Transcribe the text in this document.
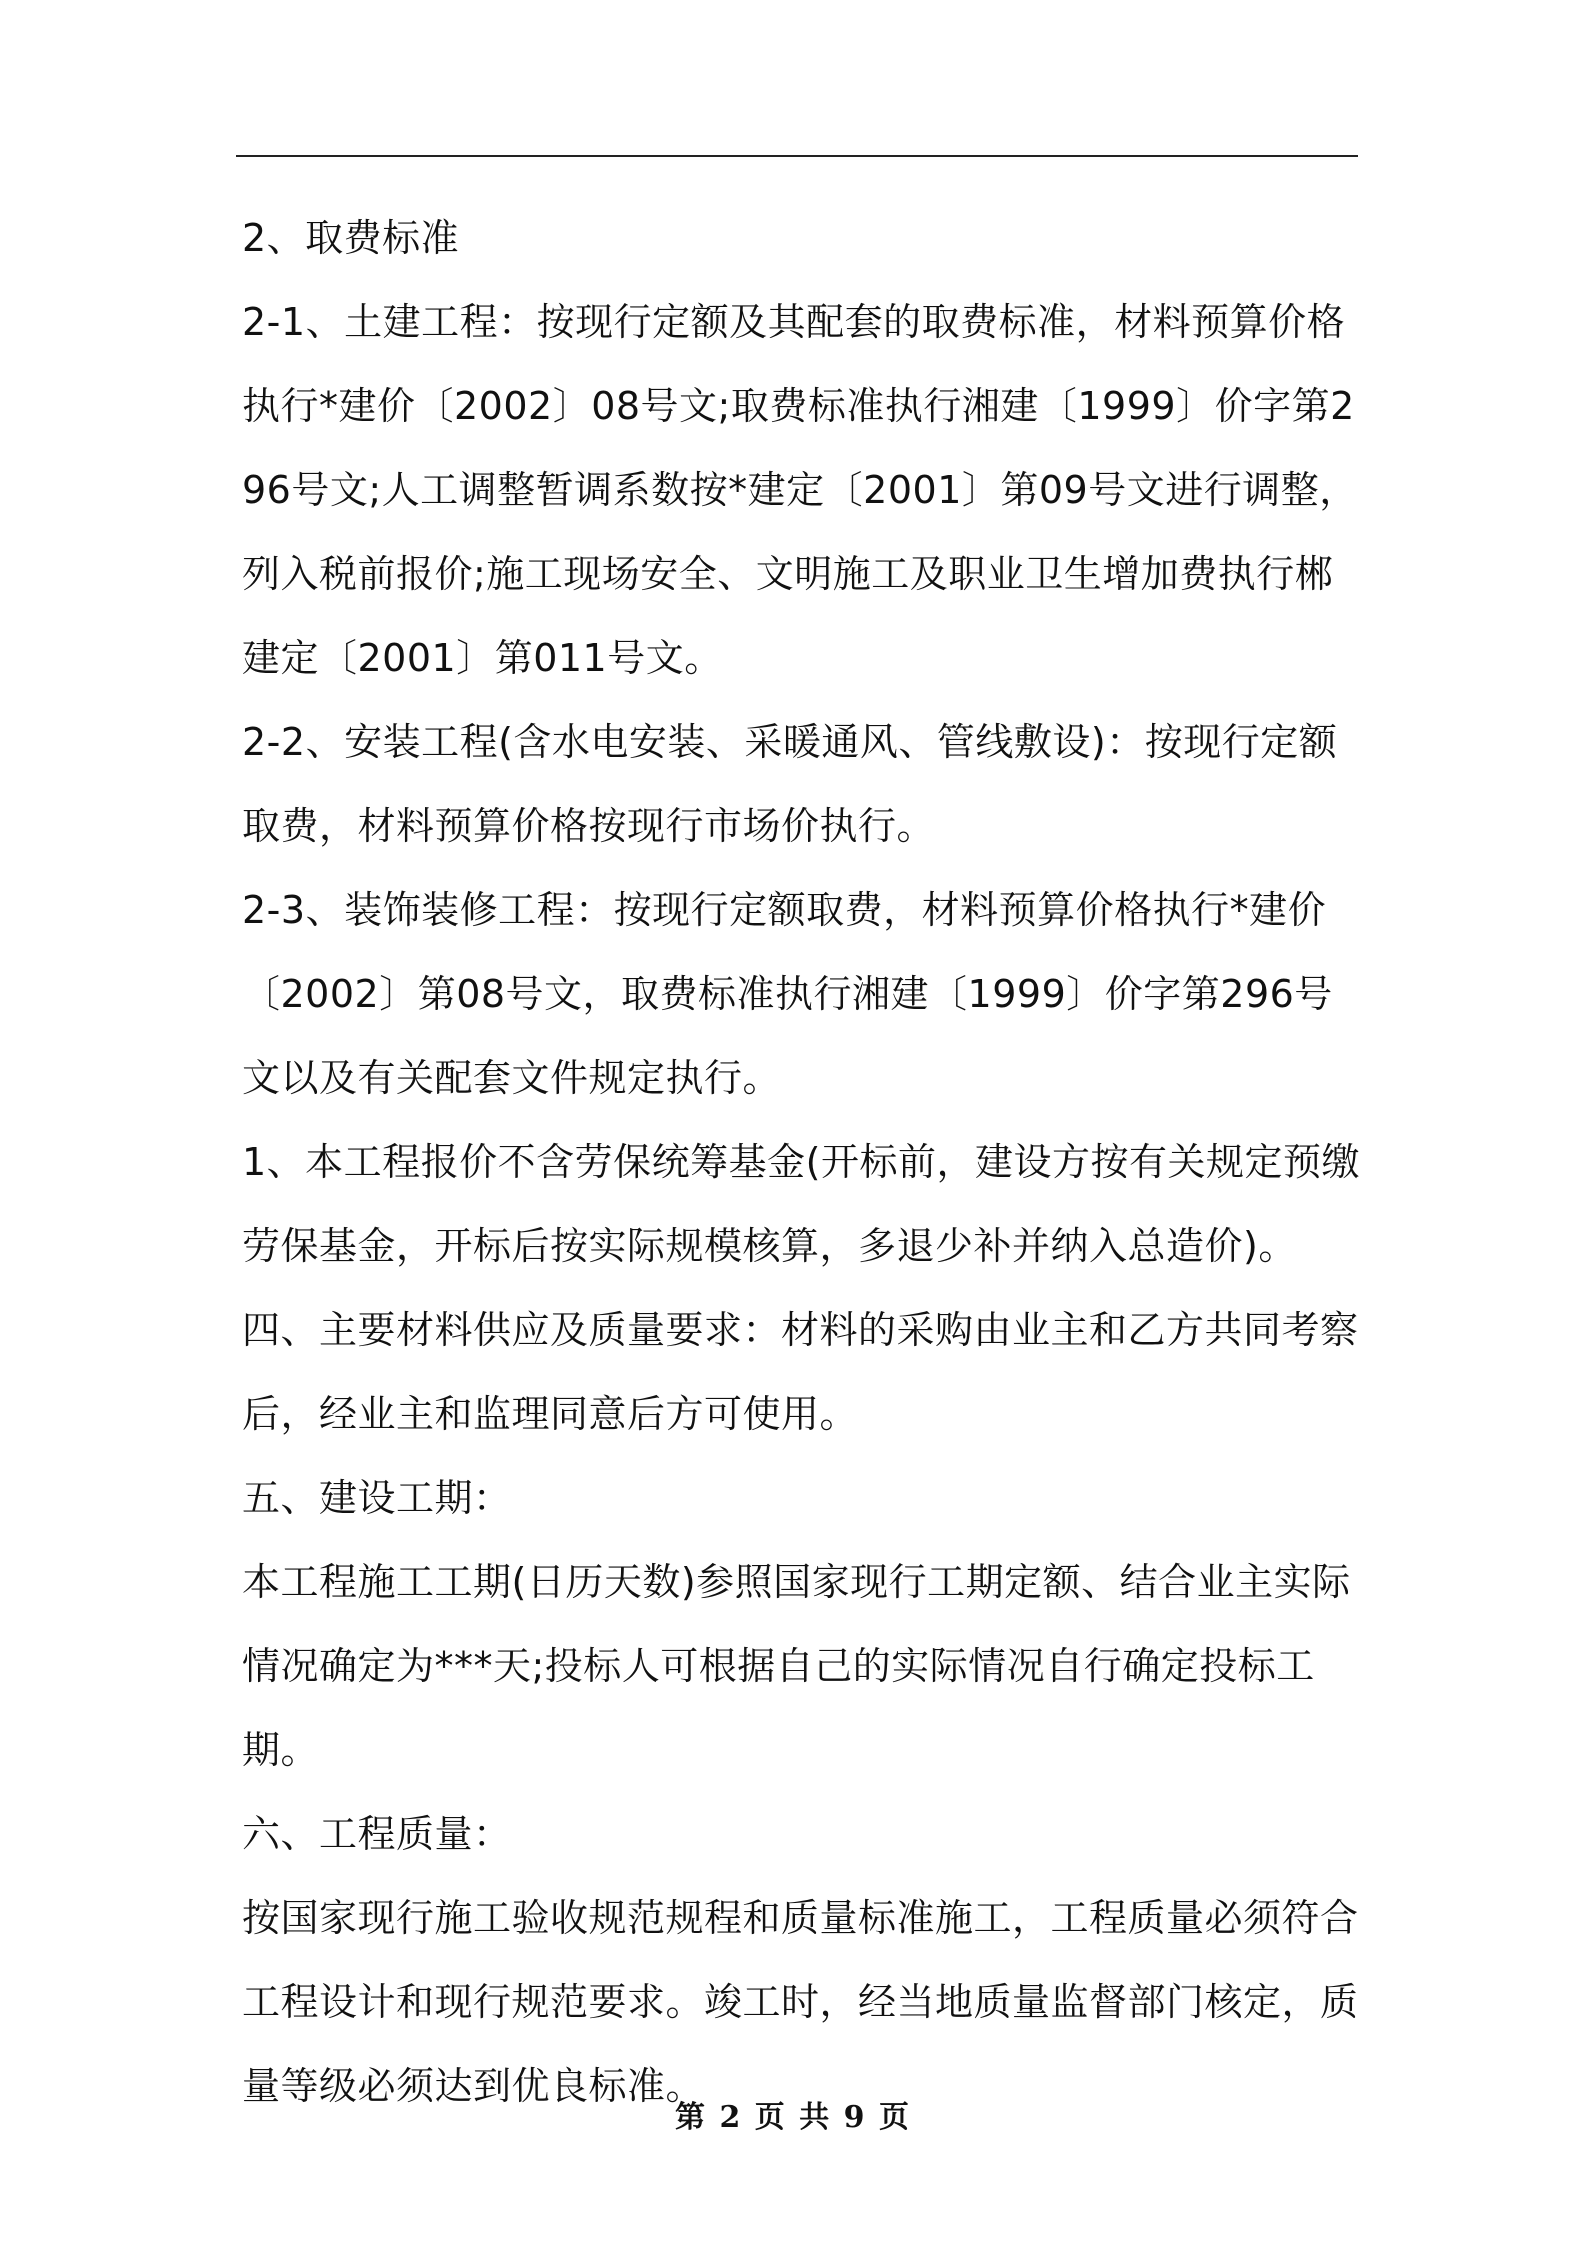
2、取费标准

2-1、土建工程：按现行定额及其配套的取费标准，材料预算价格执行*建价〔2002〕08号文;取费标准执行湘建〔1999〕价字第296号文;人工调整暂调系数按*建定〔2001〕第09号文进行调整，列入税前报价;施工现场安全、文明施工及职业卫生增加费执行郴建定〔2001〕第011号文。

2-2、安装工程(含水电安装、采暖通风、管线敷设)：按现行定额取费，材料预算价格按现行市场价执行。

2-3、装饰装修工程：按现行定额取费，材料预算价格执行*建价〔2002〕第08号文，取费标准执行湘建〔1999〕价字第296号文以及有关配套文件规定执行。

1、本工程报价不含劳保统筹基金(开标前，建设方按有关规定预缴劳保基金，开标后按实际规模核算，多退少补并纳入总造价)。

四、主要材料供应及质量要求：材料的采购由业主和乙方共同考察后，经业主和监理同意后方可使用。

五、建设工期：

本工程施工工期(日历天数)参照国家现行工期定额、结合业主实际情况确定为***天;投标人可根据自己的实际情况自行确定投标工期。

六、工程质量：

按国家现行施工验收规范规程和质量标准施工，工程质量必须符合工程设计和现行规范要求。竣工时，经当地质量监督部门核定，质量等级必须达到优良标准。

第 2 页 共 9 页
